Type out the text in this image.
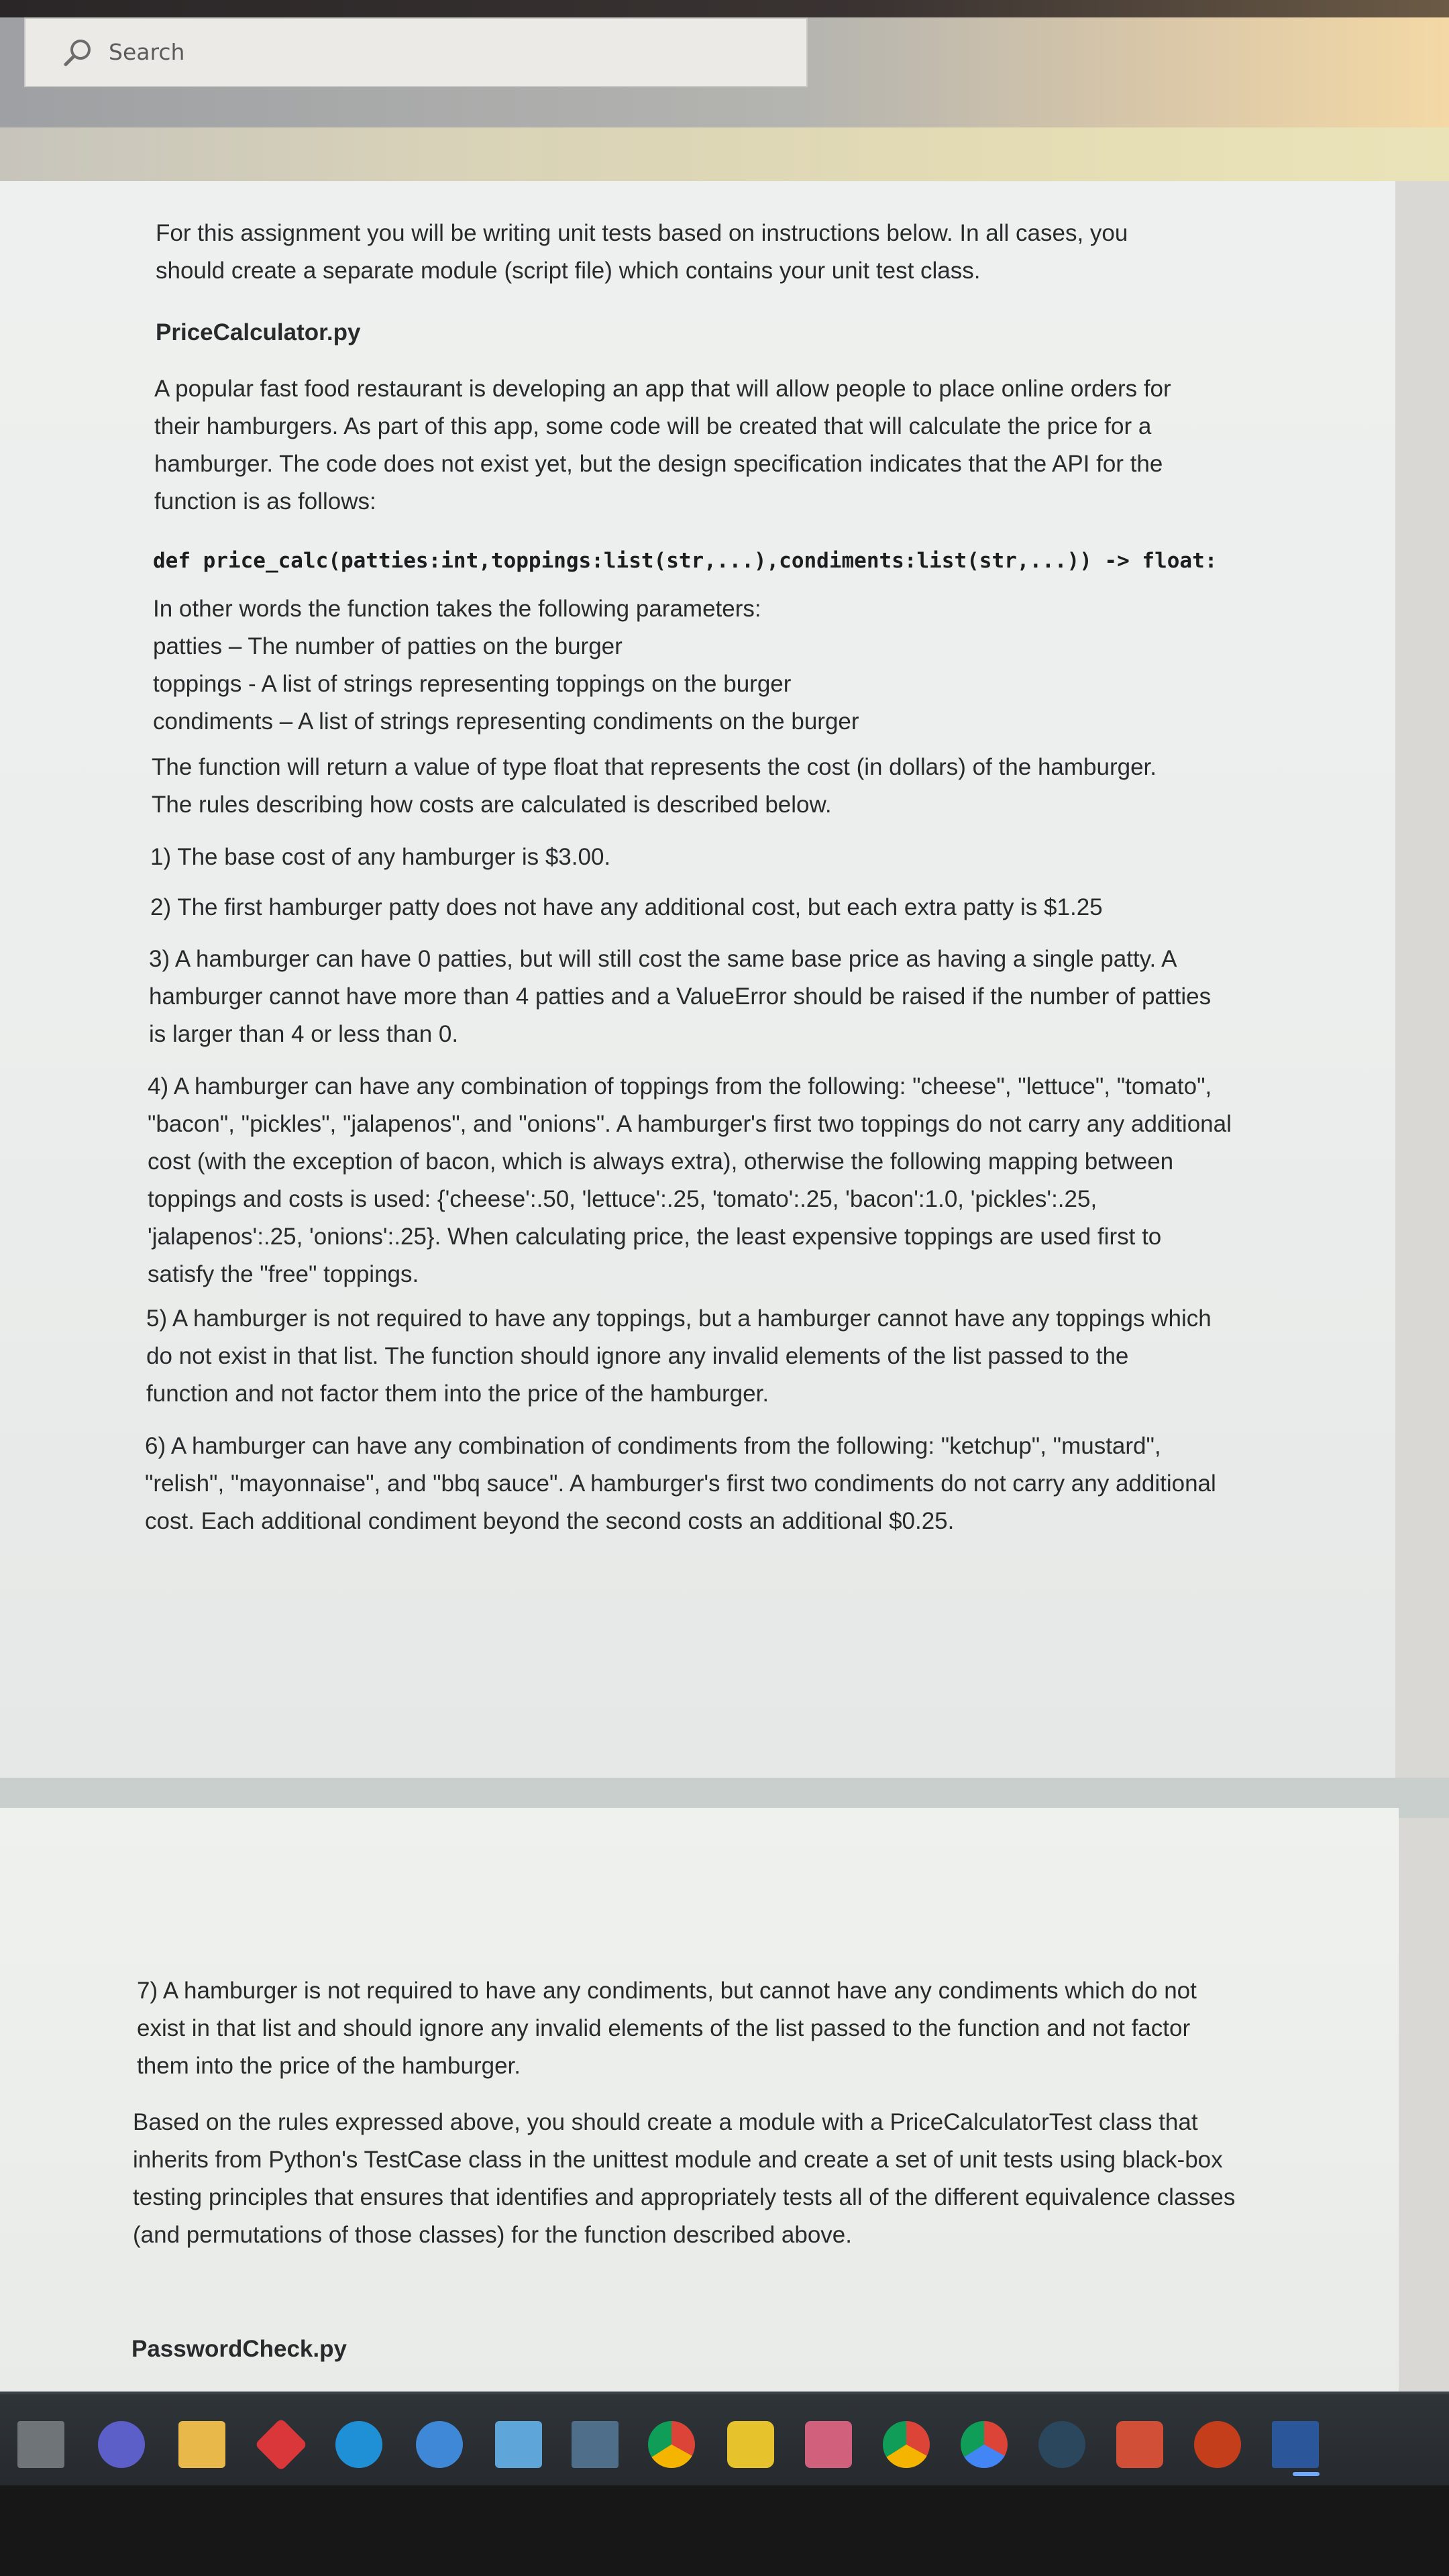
Search

For this assignment you will be writing unit tests based on instructions below. In all cases, you should create a separate module (script file) which contains your unit test class.

PriceCalculator.py

A popular fast food restaurant is developing an app that will allow people to place online orders for their hamburgers. As part of this app, some code will be created that will calculate the price for a hamburger. The code does not exist yet, but the design specification indicates that the API for the function is as follows:

def price_calc(patties:int,toppings:list(str,...),condiments:list(str,...)) -> float:

In other words the function takes the following parameters:

patties – The number of patties on the burger

toppings - A list of strings representing toppings on the burger

condiments – A list of strings representing condiments on the burger

The function will return a value of type float that represents the cost (in dollars) of the hamburger. The rules describing how costs are calculated is described below.

1) The base cost of any hamburger is $3.00.

2) The first hamburger patty does not have any additional cost, but each extra patty is $1.25

3) A hamburger can have 0 patties, but will still cost the same base price as having a single patty. A hamburger cannot have more than 4 patties and a ValueError should be raised if the number of patties is larger than 4 or less than 0.

4) A hamburger can have any combination of toppings from the following: "cheese", "lettuce", "tomato", "bacon", "pickles", "jalapenos", and "onions". A hamburger's first two toppings do not carry any additional cost (with the exception of bacon, which is always extra), otherwise the following mapping between toppings and costs is used: {'cheese':.50, 'lettuce':.25, 'tomato':.25, 'bacon':1.0, 'pickles':.25, 'jalapenos':.25, 'onions':.25}. When calculating price, the least expensive toppings are used first to satisfy the "free" toppings.

5) A hamburger is not required to have any toppings, but a hamburger cannot have any toppings which do not exist in that list. The function should ignore any invalid elements of the list passed to the function and not factor them into the price of the hamburger.

6) A hamburger can have any combination of condiments from the following: "ketchup", "mustard", "relish", "mayonnaise", and "bbq sauce". A hamburger's first two condiments do not carry any additional cost. Each additional condiment beyond the second costs an additional $0.25.

7) A hamburger is not required to have any condiments, but cannot have any condiments which do not exist in that list and should ignore any invalid elements of the list passed to the function and not factor them into the price of the hamburger.

Based on the rules expressed above, you should create a module with a PriceCalculatorTest class that inherits from Python's TestCase class in the unittest module and create a set of unit tests using black-box testing principles that ensures that identifies and appropriately tests all of the different equivalence classes (and permutations of those classes) for the function described above.

PasswordCheck.py
